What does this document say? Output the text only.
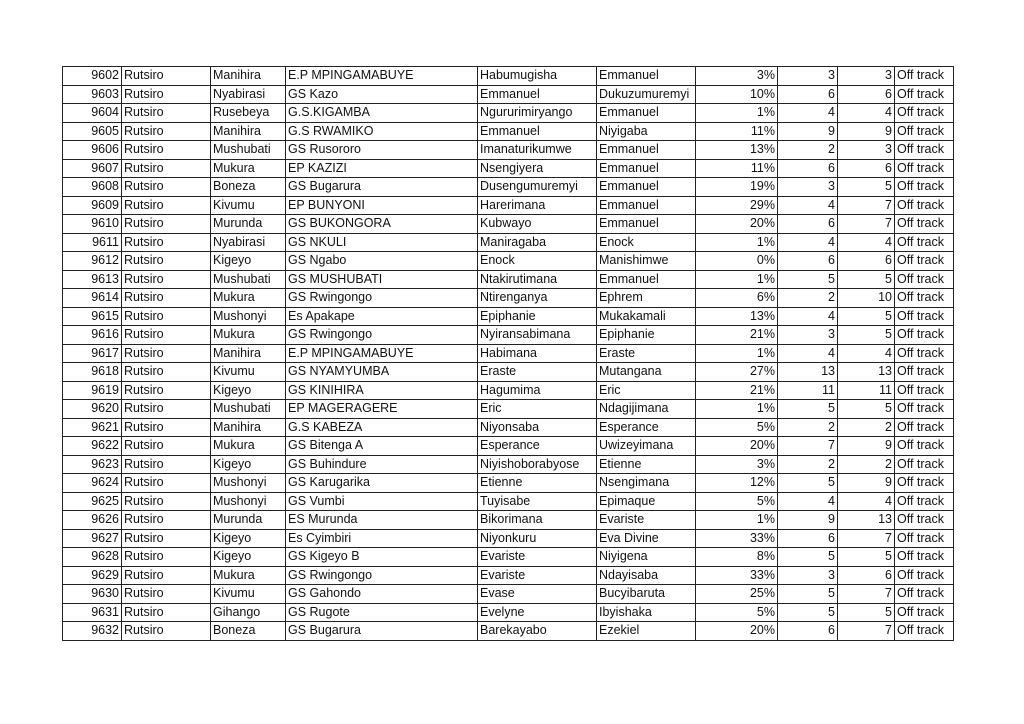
9602	Rutsiro	Manihira	E.P MPINGAMABUYE	Habumugisha	Emmanuel	3%	3	3	Off track
9603	Rutsiro	Nyabirasi	GS Kazo	Emmanuel	Dukuzumuremyi	10%	6	6	Off track
9604	Rutsiro	Rusebeya	G.S.KIGAMBA	Ngururimiryango	Emmanuel	1%	4	4	Off track
9605	Rutsiro	Manihira	G.S RWAMIKO	Emmanuel	Niyigaba	11%	9	9	Off track
9606	Rutsiro	Mushubati	GS Rusororo	Imanaturikumwe	Emmanuel	13%	2	3	Off track
9607	Rutsiro	Mukura	EP KAZIZI	Nsengiyera	Emmanuel	11%	6	6	Off track
9608	Rutsiro	Boneza	GS Bugarura	Dusengumuremyi	Emmanuel	19%	3	5	Off track
9609	Rutsiro	Kivumu	EP BUNYONI	Harerimana	Emmanuel	29%	4	7	Off track
9610	Rutsiro	Murunda	GS BUKONGORA	Kubwayo	Emmanuel	20%	6	7	Off track
9611	Rutsiro	Nyabirasi	GS NKULI	Maniragaba	Enock	1%	4	4	Off track
9612	Rutsiro	Kigeyo	GS Ngabo	Enock	Manishimwe	0%	6	6	Off track
9613	Rutsiro	Mushubati	GS MUSHUBATI	Ntakirutimana	Emmanuel	1%	5	5	Off track
9614	Rutsiro	Mukura	GS Rwingongo	Ntirenganya	Ephrem	6%	2	10	Off track
9615	Rutsiro	Mushonyi	Es Apakape	Epiphanie	Mukakamali	13%	4	5	Off track
9616	Rutsiro	Mukura	GS Rwingongo	Nyiransabimana	Epiphanie	21%	3	5	Off track
9617	Rutsiro	Manihira	E.P MPINGAMABUYE	Habimana	Eraste	1%	4	4	Off track
9618	Rutsiro	Kivumu	GS NYAMYUMBA	Eraste	Mutangana	27%	13	13	Off track
9619	Rutsiro	Kigeyo	GS KINIHIRA	Hagumima	Eric	21%	11	11	Off track
9620	Rutsiro	Mushubati	EP MAGERAGERE	Eric	Ndagijimana	1%	5	5	Off track
9621	Rutsiro	Manihira	G.S KABEZA	Niyonsaba	Esperance	5%	2	2	Off track
9622	Rutsiro	Mukura	GS Bitenga A	Esperance	Uwizeyimana	20%	7	9	Off track
9623	Rutsiro	Kigeyo	GS Buhindure	Niyishoborabyose	Etienne	3%	2	2	Off track
9624	Rutsiro	Mushonyi	GS Karugarika	Etienne	Nsengimana	12%	5	9	Off track
9625	Rutsiro	Mushonyi	GS Vumbi	Tuyisabe	Epimaque	5%	4	4	Off track
9626	Rutsiro	Murunda	ES Murunda	Bikorimana	Evariste	1%	9	13	Off track
9627	Rutsiro	Kigeyo	Es Cyimbiri	Niyonkuru	Eva Divine	33%	6	7	Off track
9628	Rutsiro	Kigeyo	GS Kigeyo B	Evariste	Niyigena	8%	5	5	Off track
9629	Rutsiro	Mukura	GS Rwingongo	Evariste	Ndayisaba	33%	3	6	Off track
9630	Rutsiro	Kivumu	GS Gahondo	Evase	Bucyibaruta	25%	5	7	Off track
9631	Rutsiro	Gihango	GS Rugote	Evelyne	Ibyishaka	5%	5	5	Off track
9632	Rutsiro	Boneza	GS Bugarura	Barekayabo	Ezekiel	20%	6	7	Off track
